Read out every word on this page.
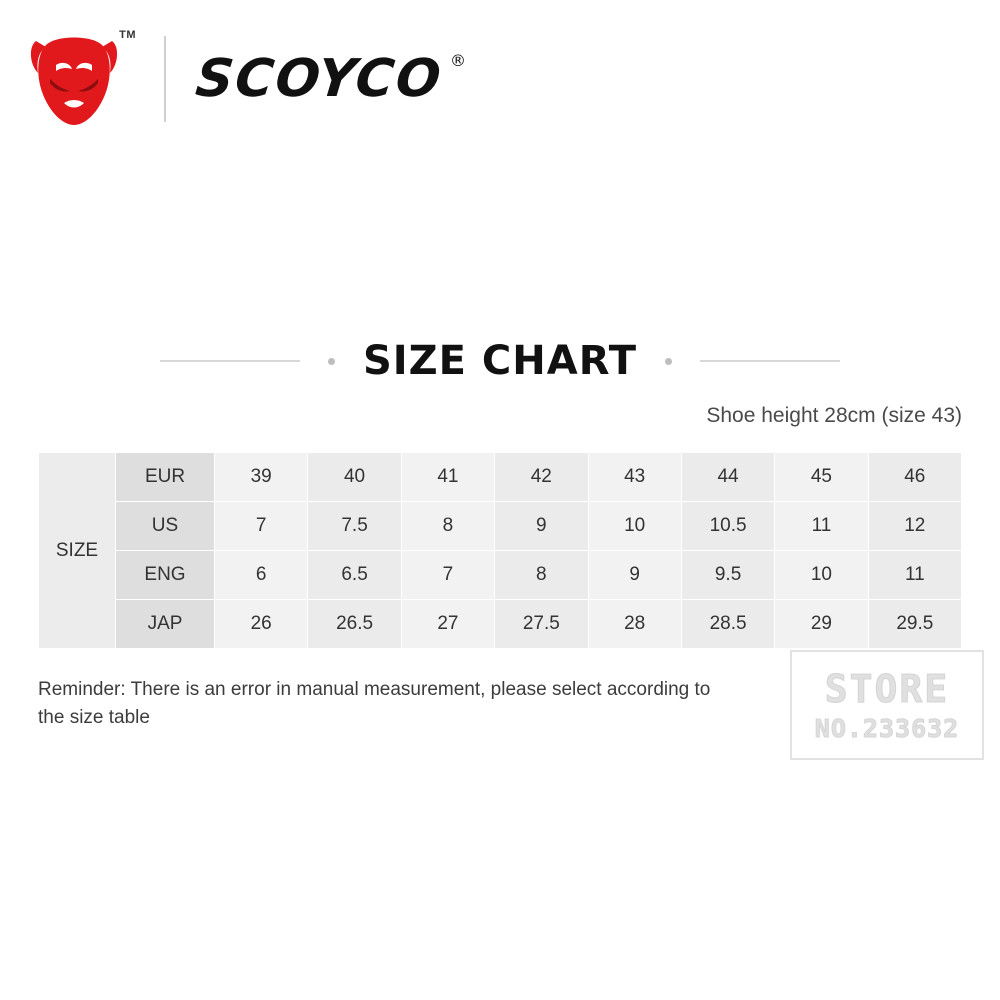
TM
SCOYCO ®
SIZE CHART
Shoe height 28cm (size 43)
SIZE	EUR	39	40	41	42	43	44	45	46
	US	7	7.5	8	9	10	10.5	11	12
	ENG	6	6.5	7	8	9	9.5	10	11
	JAP	26	26.5	27	27.5	28	28.5	29	29.5
Reminder: There is an error in manual measurement, please select according to the size table
STORE
NO.233632
